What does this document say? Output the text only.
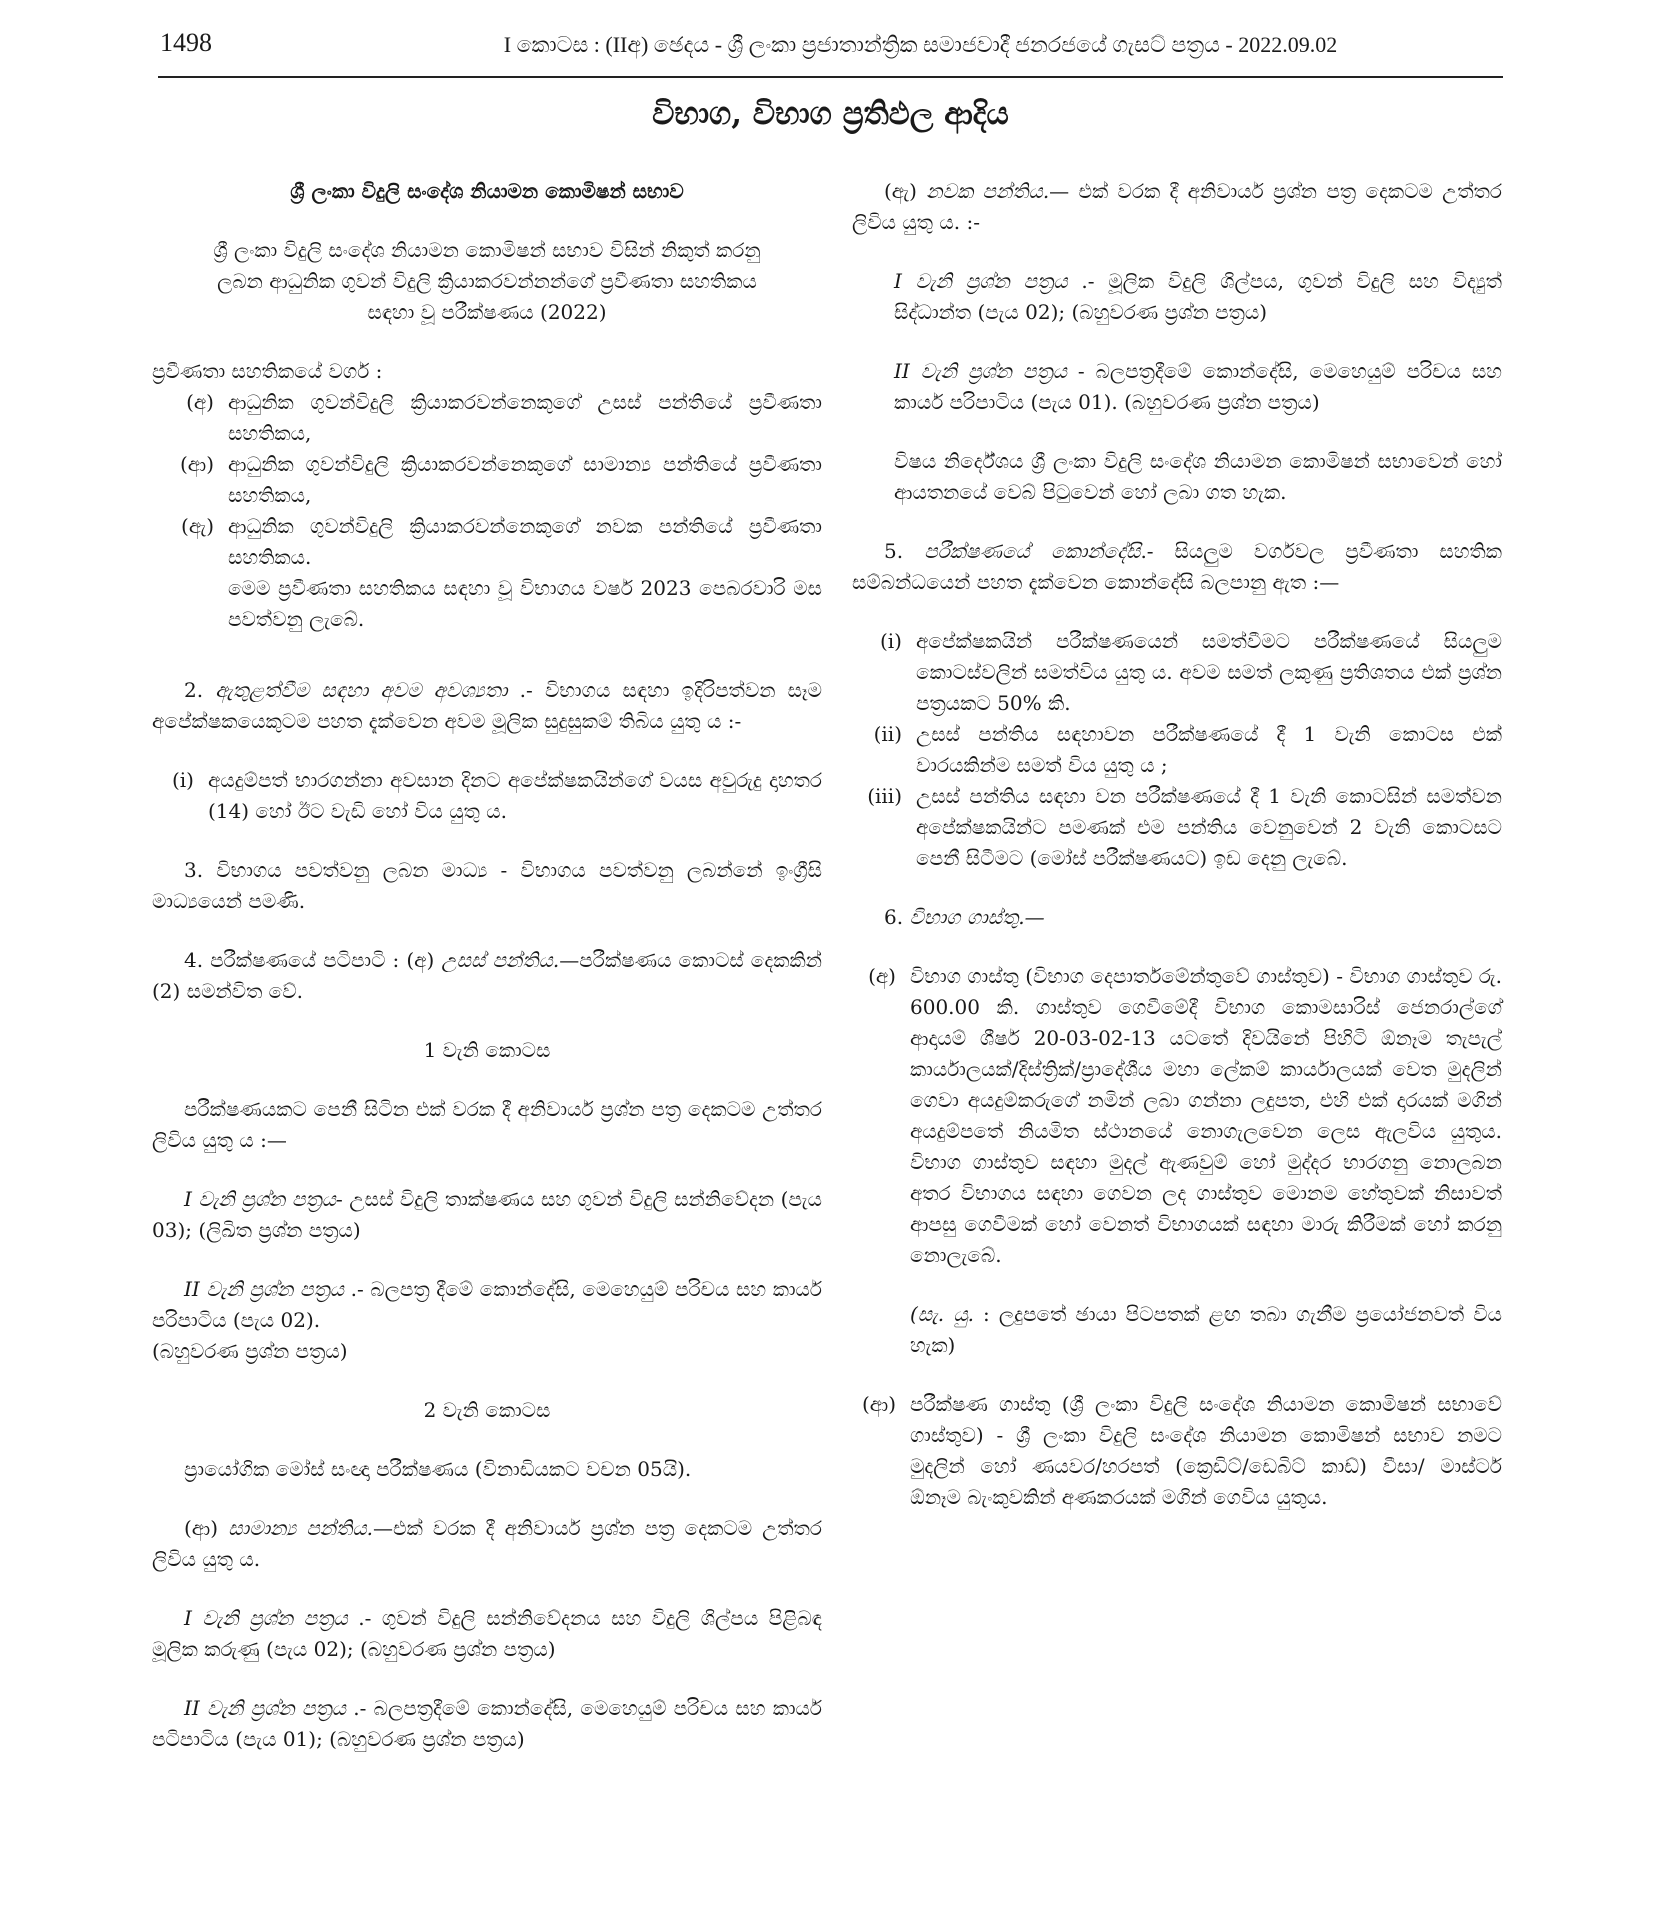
1498	I කොටස : (IIඅ) ඡෙදය - ශ්‍රී ලංකා ප්‍රජාතාන්ත්‍රික සමාජවාදී ජනරජයේ ගැසට් පත්‍රය - 2022.09.02
විභාග, විභාග ප්‍රතිඵල ආදිය

ශ්‍රී ලංකා විදුලි සංදේශ නියාමන කොමිෂන් සභාව

ශ්‍රී ලංකා විදුලි සංදේශ නියාමන කොමිෂන් සභාව විසින් නිකුත් කරනු ලබන ආධුනික ගුවන් විදුලි ක්‍රියාකරවන්නන්ගේ ප්‍රවීණතා සහතිකය සඳහා වූ පරීක්ෂණය (2022)

ප්‍රවීණතා සහතිකයේ වර්ග :

(අ) ආධුනික ගුවන්විදුලි ක්‍රියාකරවන්නෙකුගේ උසස් පන්තියේ ප්‍රවීණතා සහතිකය,
(ආ) ආධුනික ගුවන්විදුලි ක්‍රියාකරවන්නෙකුගේ සාමාන්‍ය පන්තියේ ප්‍රවීණතා සහතිකය,
(ඇ) ආධුනික ගුවන්විදුලි ක්‍රියාකරවන්නෙකුගේ නවක පන්තියේ ප්‍රවීණතා සහතිකය.
මෙම ප්‍රවීණතා සහතිකය සඳහා වූ විභාගය වර්ෂ 2023 පෙබරවාරි මස පවත්වනු ලැබේ.

2. ඇතුළත්වීම සඳහා අවම අවශ්‍යතා .- විභාගය සඳහා ඉදිරිපත්වන සෑම අපේක්ෂකයෙකුටම පහත දැක්වෙන අවම මූලික සුදුසුකම් තිබිය යුතු ය :-

(i) අයදුම්පත් භාරගන්නා අවසාන දිනට අපේක්ෂකයින්ගේ වයස අවුරුදු දාහතර (14) හෝ ඊට වැඩි හෝ විය යුතු ය.

3. විභාගය පවත්වනු ලබන මාධ්‍ය - විභාගය පවත්වනු ලබන්නේ ඉංග්‍රීසි මාධ්‍යයෙන් පමණි.

4. පරීක්ෂණයේ පටිපාටි : (අ) උසස් පන්තිය.—පරීක්ෂණය කොටස් දෙකකින් (2) සමන්විත වේ.

1 වැනි කොටස

පරීක්ෂණයකට පෙනී සිටින එක් වරක දී අනිවාර්ය ප්‍රශ්න පත්‍ර දෙකටම උත්තර ලිවිය යුතු ය :—

I වැනි ප්‍රශ්න පත්‍රය- උසස් විදුලි තාක්ෂණය සහ ගුවන් විදුලි සන්නිවේදන (පැය 03); (ලිඛිත ප්‍රශ්න පත්‍රය)

II වැනි ප්‍රශ්න පත්‍රය .- බලපත්‍ර දීමේ කොන්දේසි, මෙහෙයුම් පරිචය සහ කාර්ය පරිපාටිය (පැය 02).

(බහුවරණ ප්‍රශ්න පත්‍රය)

2 වැනි කොටස

ප්‍රායෝගික මෝස් සංඥා පරීක්ෂණය (විනාඩියකට වචන 05යි).

(ආ) සාමාන්‍ය පන්තිය.—එක් වරක දී අනිවාර්ය ප්‍රශ්න පත්‍ර දෙකටම උත්තර ලිවිය යුතු ය.

I වැනි ප්‍රශ්න පත්‍රය .- ගුවන් විදුලි සන්නිවේදනය සහ විදුලි ශිල්පය පිළිබඳ මූලික කරුණු (පැය 02); (බහුවරණ ප්‍රශ්න පත්‍රය)

II වැනි ප්‍රශ්න පත්‍රය .- බලපත්‍රදීමේ කොන්දේසි, මෙහෙයුම් පරිචය සහ කාර්ය පටිපාටිය (පැය 01); (බහුවරණ ප්‍රශ්න පත්‍රය)

(ඇ) නවක පන්තිය.— එක් වරක දී අනිවාර්ය ප්‍රශ්න පත්‍ර දෙකටම උත්තර ලිවිය යුතු ය. :-

I වැනි ප්‍රශ්න පත්‍රය .- මූලික විදුලි ශිල්පය, ගුවන් විදුලි සහ විද්‍යුත් සිද්ධාන්ත (පැය 02); (බහුවරණ ප්‍රශ්න පත්‍රය)

II වැනි ප්‍රශ්න පත්‍රය - බලපත්‍රදීමේ කොන්දේසි, මෙහෙයුම් පරිචය සහ කාර්ය පරිපාටිය (පැය 01). (බහුවරණ ප්‍රශ්න පත්‍රය)

විෂය නිර්දේශය ශ්‍රී ලංකා විදුලි සංදේශ නියාමන කොමිෂන් සභාවෙන් හෝ ආයතනයේ වෙබ් පිටුවෙන් හෝ ලබා ගත හැක.

5. පරීක්ෂණයේ කොන්දේසි.- සියලුම වර්ගවල ප්‍රවීණතා සහතික සම්බන්ධයෙන් පහත දැක්වෙන කොන්දේසි බලපානු ඇත :—

(i) අපේක්ෂකයින් පරීක්ෂණයෙන් සමත්වීමට පරීක්ෂණයේ සියලුම කොටස්වලින් සමත්විය යුතු ය. අවම සමත් ලකුණු ප්‍රතිශතය එක් ප්‍රශ්න පත්‍රයකට 50% කි.
(ii) උසස් පන්තිය සඳහාවන පරීක්ෂණයේ දී 1 වැනි කොටස එක් වාරයකින්ම සමත් විය යුතු ය ;
(iii) උසස් පන්තිය සඳහා වන පරීක්ෂණයේ දී 1 වැනි කොටසින් සමත්වන අපේක්ෂකයින්ට පමණක් එම පන්තිය වෙනුවෙන් 2 වැනි කොටසට පෙනී සිටීමට (මෝස් පරීක්ෂණයට) ඉඩ දෙනු ලැබේ.

6. විභාග ගාස්තු.—

(අ) විභාග ගාස්තු (විභාග දෙපාර්තමේන්තුවේ ගාස්තුව) - විභාග ගාස්තුව රු. 600.00 කි. ගාස්තුව ගෙවීමේදී විභාග කොමසාරිස් ජෙනරාල්ගේ ආදායම් ශීර්ෂ 20-03-02-13 යටතේ දිවයිනේ පිහිටි ඕනෑම තැපැල් කාර්යාලයක්/දිස්ත්‍රික්/ප්‍රාදේශීය මහා ලේකම් කාර්යාලයක් වෙත මුදලින් ගෙවා අයදුම්කරුගේ නමින් ලබා ගන්නා ලදුපත, එහි එක් දාරයක් මගින් අයදුම්පතේ නියමිත ස්ථානයේ නොගැලවෙන ලෙස ඇලවිය යුතුය. විභාග ගාස්තුව සඳහා මුදල් ඇණවුම් හෝ මුද්දර භාරගනු නොලබන අතර විභාගය සඳහා ගෙවන ලද ගාස්තුව මොනම හේතුවක් නිසාවත් ආපසු ගෙවීමක් හෝ වෙනත් විභාගයක් සඳහා මාරු කිරීමක් හෝ කරනු නොලැබේ.
(සැ. යු. : ලදුපතේ ඡායා පිටපතක් ළඟ තබා ගැනීම ප්‍රයෝජනවත් විය හැක)
(ආ) පරීක්ෂණ ගාස්තු (ශ්‍රී ලංකා විදුලි සංදේශ නියාමන කොමිෂන් සභාවේ ගාස්තුව) - ශ්‍රී ලංකා විදුලි සංදේශ නියාමන කොමිෂන් සභාව නමට මුදලින් හෝ ණයවර/හරපත් (ක්‍රෙඩිට්/ඩෙබිට් කාඩ්) වීසා/ මාස්ටර් ඕනෑම බැංකුවකින් අණකරයක් මගින් ගෙවිය යුතුය.
